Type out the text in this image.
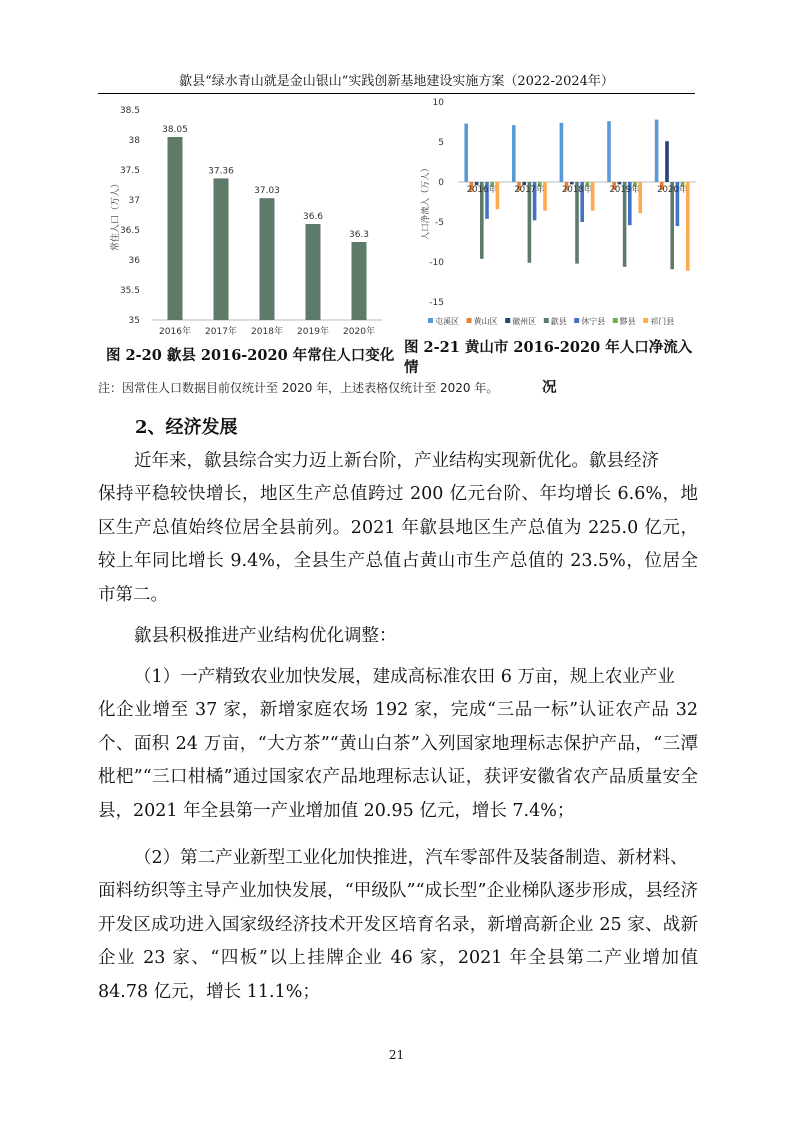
歙县“绿水青山就是金山银山”实践创新基地建设实施方案（2022-2024年）
35
35.5
36
36.5
37
37.5
38
38.5
38.05
2016年
37.36
2017年
37.03
2018年
36.6
2019年
36.3
2020年
常住人口（万人）
10
5
0
-5
-10
-15
2016年 2017年 2018年 2019年 2020年
人口净流入（万人）
屯溪区 黄山区 徽州区 歙县 休宁县 黟县 祁门县
图 2-20 歙县 2016-2020 年常住人口变化 图 2-21 黄山市 2016-2020 年人口净流入情
况
注：因常住人口数据目前仅统计至 2020 年，上述表格仅统计至 2020 年。
2、经济发展
近年来，歙县综合实力迈上新台阶，产业结构实现新优化。歙县经济
保持平稳较快增长，地区生产总值跨过 200 亿元台阶、年均增长 6.6%，地区生产总值始终位居全县前列。2021 年歙县地区生产总值为 225.0 亿元，较上年同比增长 9.4%，全县生产总值占黄山市生产总值的 23.5%，位居全市第二。
歙县积极推进产业结构优化调整：
（1）一产精致农业加快发展，建成高标准农田 6 万亩，规上农业产业
化企业增至 37 家，新增家庭农场 192 家，完成“三品一标”认证农产品 32 个、面积 24 万亩，“大方茶”“黄山白茶”入列国家地理标志保护产品，“三潭枇杷”“三口柑橘”通过国家农产品地理标志认证，获评安徽省农产品质量安全县，2021 年全县第一产业增加值 20.95 亿元，增长 7.4%；
（2）第二产业新型工业化加快推进，汽车零部件及装备制造、新材料、
面料纺织等主导产业加快发展，“甲级队”“成长型”企业梯队逐步形成，县经济开发区成功进入国家级经济技术开发区培育名录，新增高新企业 25 家、战新企业 23 家、“四板”以上挂牌企业 46 家，2021 年全县第二产业增加值 84.78 亿元，增长 11.1%；
21
